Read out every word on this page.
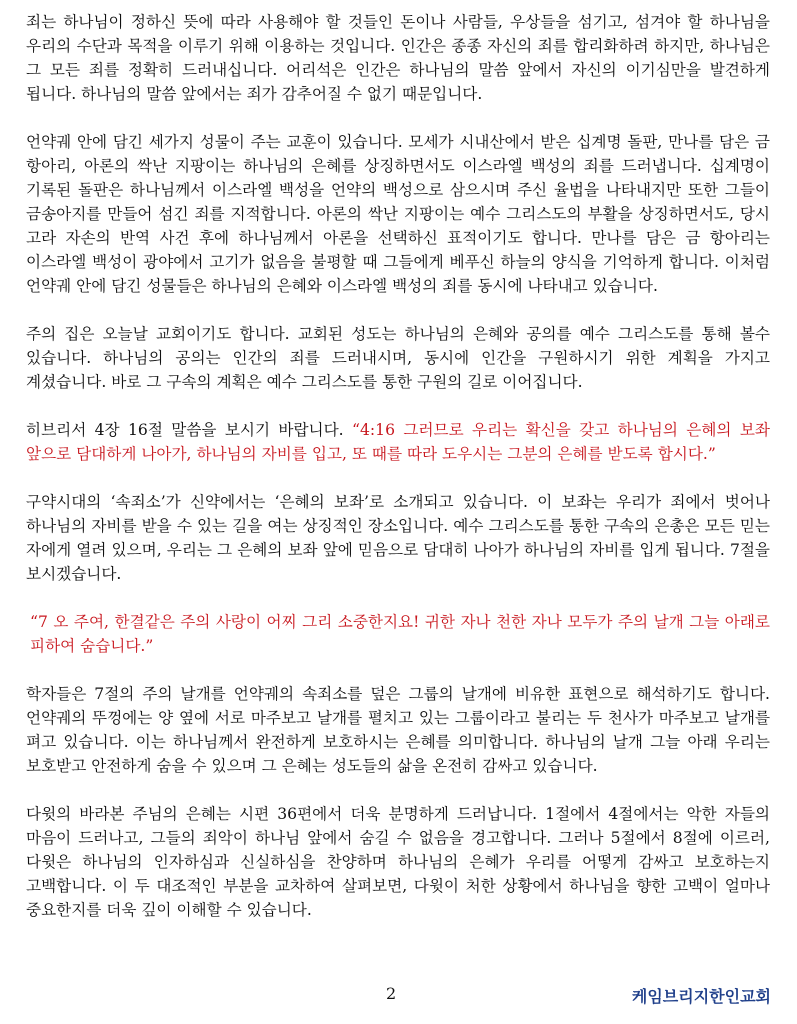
죄는 하나님이 정하신 뜻에 따라 사용해야 할 것들인 돈이나 사람들, 우상들을 섬기고, 섬겨야 할 하나님을 우리의 수단과 목적을 이루기 위해 이용하는 것입니다. 인간은 종종 자신의 죄를 합리화하려 하지만, 하나님은 그 모든 죄를 정확히 드러내십니다. 어리석은 인간은 하나님의 말씀 앞에서 자신의 이기심만을 발견하게 됩니다. 하나님의 말씀 앞에서는 죄가 감추어질 수 없기 때문입니다.

언약궤 안에 담긴 세가지 성물이 주는 교훈이 있습니다. 모세가 시내산에서 받은 십계명 돌판, 만나를 담은 금 항아리, 아론의 싹난 지팡이는 하나님의 은혜를 상징하면서도 이스라엘 백성의 죄를 드러냅니다. 십계명이 기록된 돌판은 하나님께서 이스라엘 백성을 언약의 백성으로 삼으시며 주신 율법을 나타내지만 또한 그들이 금송아지를 만들어 섬긴 죄를 지적합니다. 아론의 싹난 지팡이는 예수 그리스도의 부활을 상징하면서도, 당시 고라 자손의 반역 사건 후에 하나님께서 아론을 선택하신 표적이기도 합니다. 만나를 담은 금 항아리는 이스라엘 백성이 광야에서 고기가 없음을 불평할 때 그들에게 베푸신 하늘의 양식을 기억하게 합니다. 이처럼 언약궤 안에 담긴 성물들은 하나님의 은혜와 이스라엘 백성의 죄를 동시에 나타내고 있습니다.

주의 집은 오늘날 교회이기도 합니다. 교회된 성도는 하나님의 은혜와 공의를 예수 그리스도를 통해 볼수 있습니다. 하나님의 공의는 인간의 죄를 드러내시며, 동시에 인간을 구원하시기 위한 계획을 가지고 계셨습니다. 바로 그 구속의 계획은 예수 그리스도를 통한 구원의 길로 이어집니다.

히브리서 4장 16절 말씀을 보시기 바랍니다. “4:16 그러므로 우리는 확신을 갖고 하나님의 은혜의 보좌 앞으로 담대하게 나아가, 하나님의 자비를 입고, 또 때를 따라 도우시는 그분의 은혜를 받도록 합시다.”

구약시대의 ‘속죄소’가 신약에서는 ‘은혜의 보좌’로 소개되고 있습니다. 이 보좌는 우리가 죄에서 벗어나 하나님의 자비를 받을 수 있는 길을 여는 상징적인 장소입니다. 예수 그리스도를 통한 구속의 은총은 모든 믿는 자에게 열려 있으며, 우리는 그 은혜의 보좌 앞에 믿음으로 담대히 나아가 하나님의 자비를 입게 됩니다. 7절을 보시겠습니다.

“7 오 주여, 한결같은 주의 사랑이 어찌 그리 소중한지요! 귀한 자나 천한 자나 모두가 주의 날개 그늘 아래로 피하여 숨습니다.”

학자들은 7절의 주의 날개를 언약궤의 속죄소를 덮은 그룹의 날개에 비유한 표현으로 해석하기도 합니다. 언약궤의 뚜껑에는 양 옆에 서로 마주보고 날개를 펼치고 있는 그룹이라고 불리는 두 천사가 마주보고 날개를 펴고 있습니다. 이는 하나님께서 완전하게 보호하시는 은혜를 의미합니다. 하나님의 날개 그늘 아래 우리는 보호받고 안전하게 숨을 수 있으며 그 은혜는 성도들의 삶을 온전히 감싸고 있습니다.

다윗의 바라본 주님의 은혜는 시편 36편에서 더욱 분명하게 드러납니다. 1절에서 4절에서는 악한 자들의 마음이 드러나고, 그들의 죄악이 하나님 앞에서 숨길 수 없음을 경고합니다. 그러나 5절에서 8절에 이르러, 다윗은 하나님의 인자하심과 신실하심을 찬양하며 하나님의 은혜가 우리를 어떻게 감싸고 보호하는지 고백합니다. 이 두 대조적인 부분을 교차하여 살펴보면, 다윗이 처한 상황에서 하나님을 향한 고백이 얼마나 중요한지를 더욱 깊이 이해할 수 있습니다.

2	케임브리지한인교회
